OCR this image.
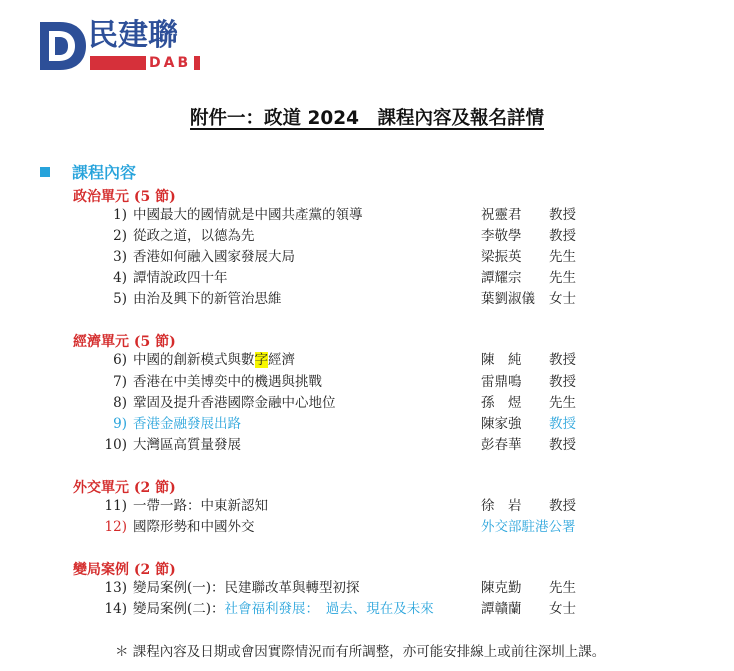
民建聯
DAB
附件一：政道 2024　課程內容及報名詳情
課程內容
政治單元 (5 節)
1) 中國最大的國情就是中國共產黨的領導	祝靈君 教授
2) 從政之道，以德為先	李敬學 教授
3) 香港如何融入國家發展大局	梁振英 先生
4) 譚情說政四十年	譚耀宗 先生
5) 由治及興下的新管治思維	葉劉淑儀 女士
經濟單元 (5 節)
6) 中國的創新模式與數字經濟	陳　純 教授
7) 香港在中美博奕中的機遇與挑戰	雷鼎鳴 教授
8) 鞏固及提升香港國際金融中心地位	孫　煜 先生
9) 香港金融發展出路	陳家強 教授
10) 大灣區高質量發展	彭春華 教授
外交單元 (2 節)
11) 一帶一路：中東新認知	徐　岩 教授
12) 國際形勢和中國外交	外交部駐港公署
變局案例 (2 節)
13) 變局案例(一)：民建聯改革與轉型初探	陳克勤 先生
14) 變局案例(二)：社會福利發展：　過去、現在及未來	譚贛蘭 女士
＊ 課程內容及日期或會因實際情況而有所調整，亦可能安排線上或前往深圳上課。
